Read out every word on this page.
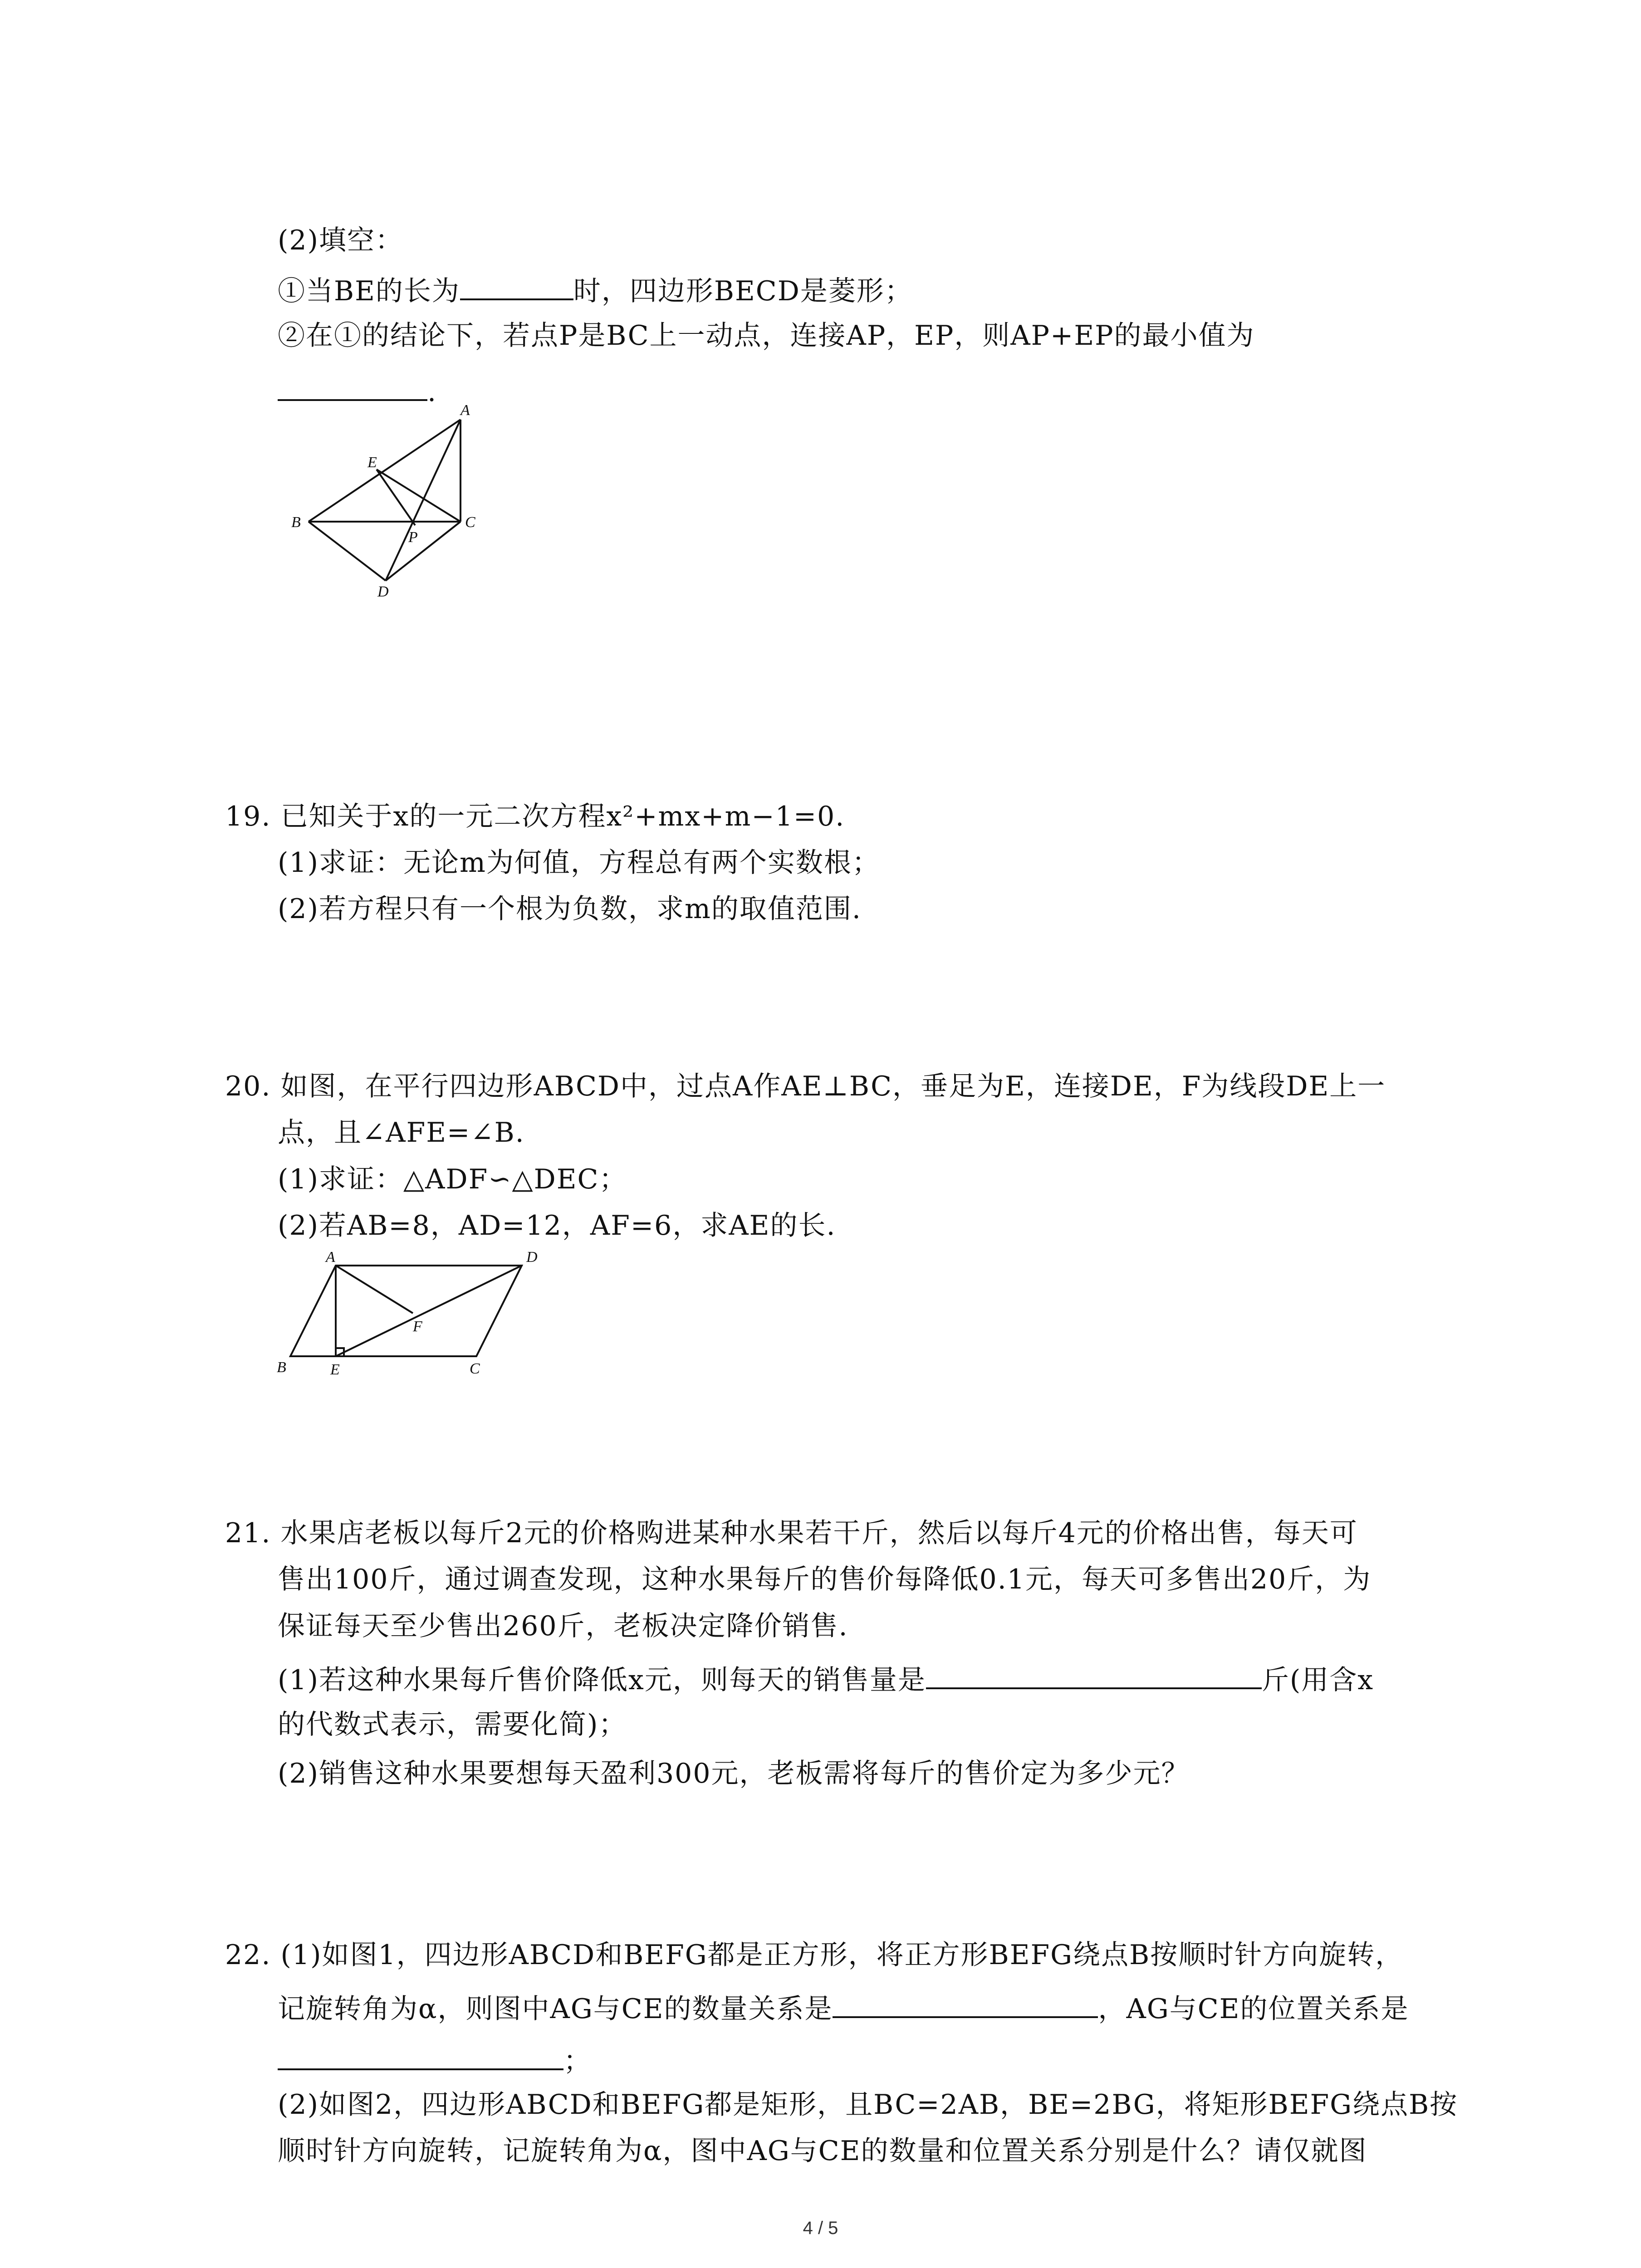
(2)填空：
①当BE的长为	时，四边形BECD是菱形；
②在①的结论下，若点P是BC上一动点，连接AP，EP，则AP+EP的最小值为
.
A
B	C
D
E
P
19. 已知关于x的一元二次方程x²+mx+m−1=0.
(1)求证：无论m为何值，方程总有两个实数根；
(2)若方程只有一个根为负数，求m的取值范围.
20. 如图，在平行四边形ABCD中，过点A作AE⊥BC，垂足为E，连接DE，F为线段DE上一
点，且∠AFE=∠B.
(1)求证：△ADF∽△DEC；
(2)若AB=8，AD=12，AF=6，求AE的长.
A	D
B	E	C
F
21. 水果店老板以每斤2元的价格购进某种水果若干斤，然后以每斤4元的价格出售，每天可
售出100斤，通过调查发现，这种水果每斤的售价每降低0.1元，每天可多售出20斤，为
保证每天至少售出260斤，老板决定降价销售.
(1)若这种水果每斤售价降低x元，则每天的销售量是	斤(用含x
的代数式表示，需要化简)；
(2)销售这种水果要想每天盈利300元，老板需将每斤的售价定为多少元？
22. (1)如图1，四边形ABCD和BEFG都是正方形，将正方形BEFG绕点B按顺时针方向旋转，
记旋转角为α，则图中AG与CE的数量关系是	，AG与CE的位置关系是
；
(2)如图2，四边形ABCD和BEFG都是矩形，且BC=2AB，BE=2BG，将矩形BEFG绕点B按
顺时针方向旋转，记旋转角为α，图中AG与CE的数量和位置关系分别是什么？请仅就图
4 / 5
